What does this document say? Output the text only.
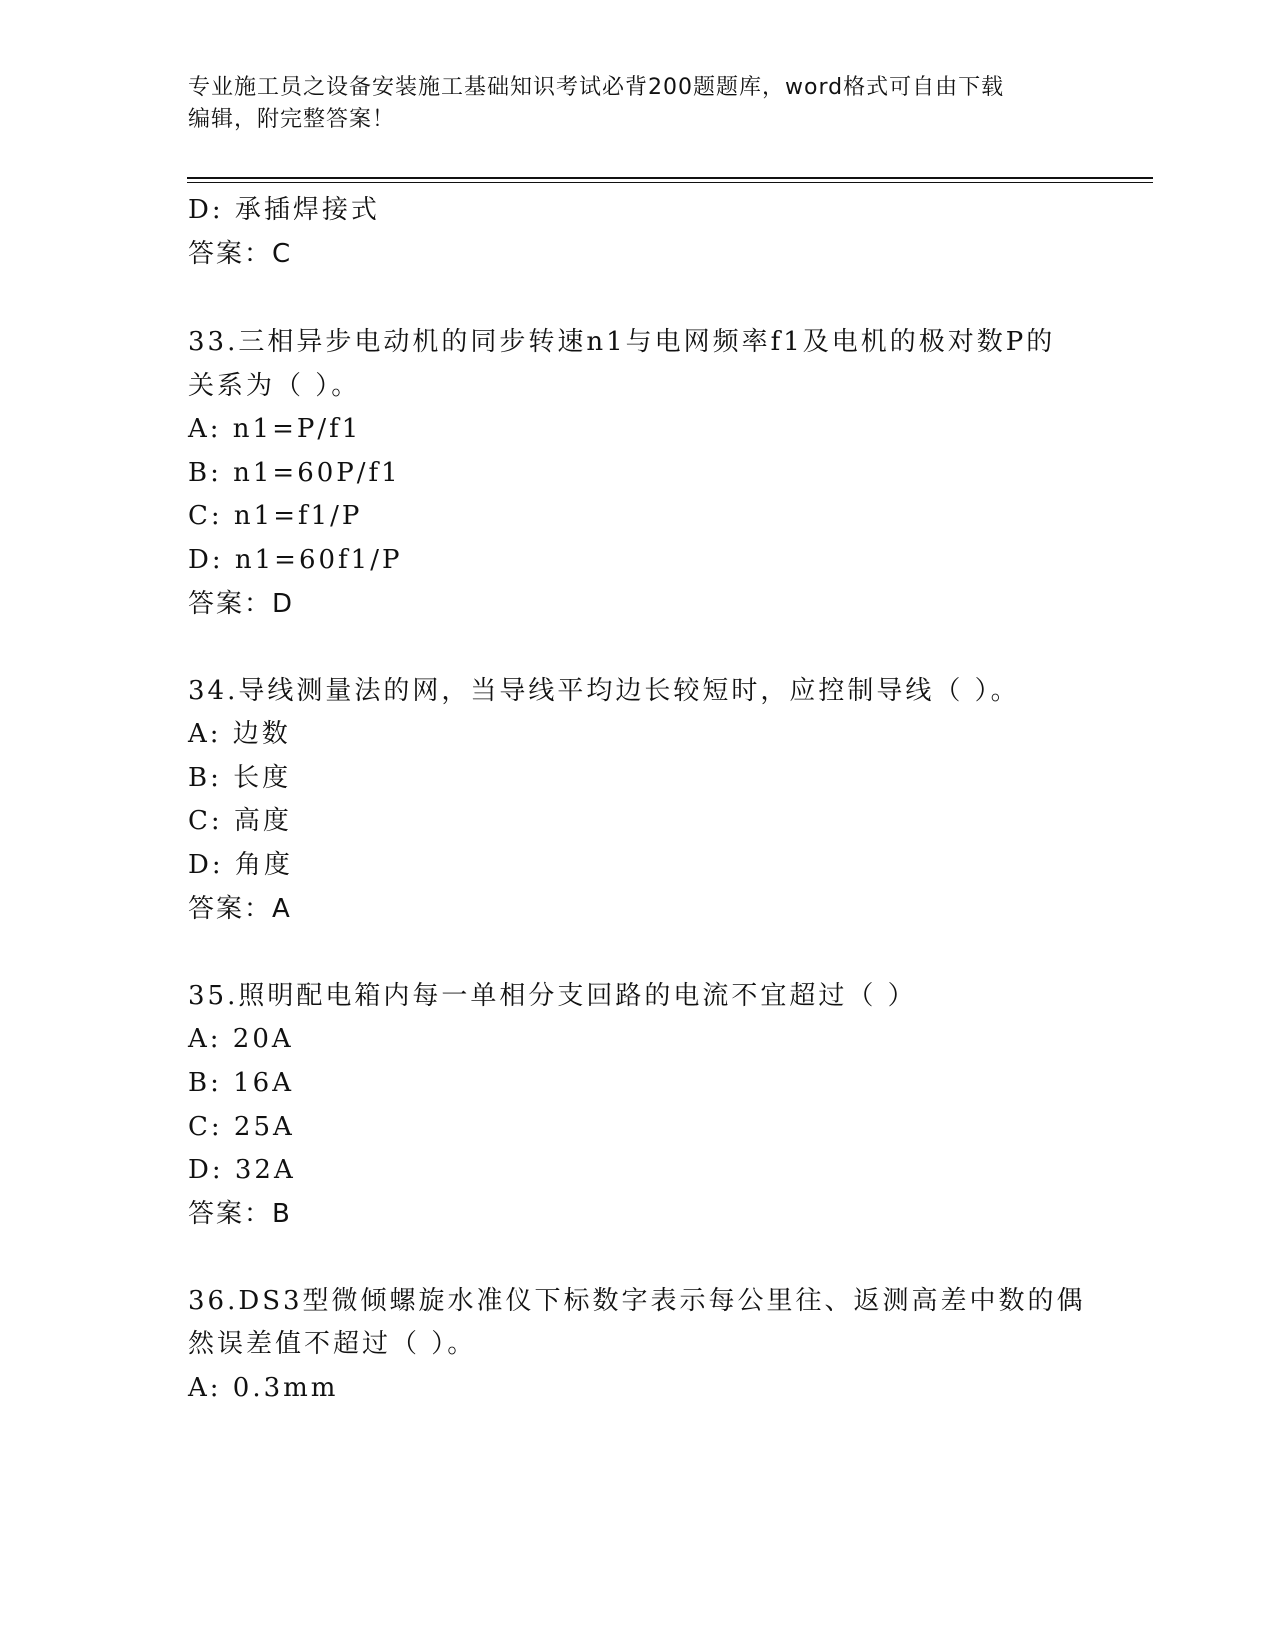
专业施工员之设备安装施工基础知识考试必背200题题库，word格式可自由下载
编辑，附完整答案！
D: 承插焊接式
答案：C
33.三相异步电动机的同步转速n1与电网频率f1及电机的极对数P的
关系为（ ）。
A: n1=P/f1
B: n1=60P/f1
C: n1=f1/P
D: n1=60f1/P
答案：D
34.导线测量法的网，当导线平均边长较短时，应控制导线（ ）。
A: 边数
B: 长度
C: 高度
D: 角度
答案：A
35.照明配电箱内每一单相分支回路的电流不宜超过（ ）
A: 20A
B: 16A
C: 25A
D: 32A
答案：B
36.DS3型微倾螺旋水准仪下标数字表示每公里往、返测高差中数的偶
然误差值不超过（ ）。
A: 0.3mm
